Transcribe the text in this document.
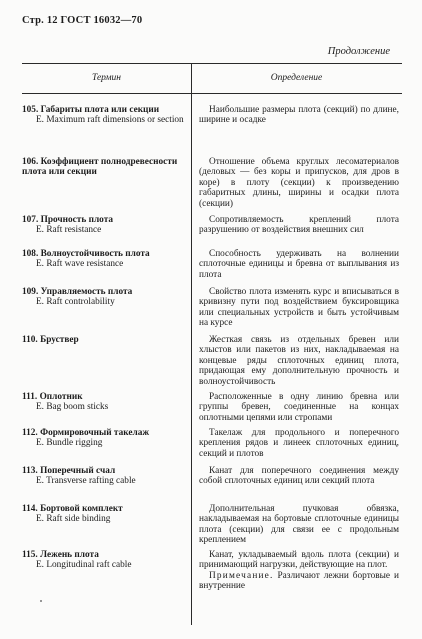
Стр. 12 ГОСТ 16032—70
Продолжение
Термин	Определение
105. Габариты плота или секции
E. Maximum raft dimensions or section
Наибольшие размеры плота (секций) по длине, ширине и осадке
106. Коэффициент полнодревесности плота или секции
Отношение объема круглых лесоматериалов (деловых — без коры и припусков, для дров в коре) в плоту (секции) к произведению габаритных длины, ширины и осадки плота (секции)
107. Прочность плота
E. Raft resistance
Сопротивляемость креплений плота разрушению от воздействия внешних сил
108. Волноустойчивость плота
E. Raft wave resistance
Способность удерживать на волнении сплоточные единицы и бревна от выплывания из плота
109. Управляемость плота
E. Raft controlability
Свойство плота изменять курс и вписываться в кривизну пути под воздействием буксировщика или специальных устройств и быть устойчивым на курсе
110. Бруствер	Жесткая связь из отдельных бревен или хлыстов или пакетов из них, накладываемая на концевые ряды сплоточных единиц плота, придающая ему дополнительную прочность и волноустойчивость
111. Оплотник
E. Bag boom sticks
Расположенные в одну линию бревна или группы бревен, соединенные на концах оплотными цепями или стропами
112. Формировочный такелаж
E. Bundle rigging
Такелаж для продольного и поперечного крепления рядов и линеек сплоточных единиц, секций и плотов
113. Поперечный счал
E. Transverse rafting cable
Канат для поперечного соединения между собой сплоточных единиц или секций плота
114. Бортовой комплект
E. Raft side binding
Дополнительная пучковая обвязка, накладываемая на бортовые сплоточные единицы плота (секции) для связи ее с продольным креплением
115. Лежень плота
E. Longitudinal raft cable

Канат, укладываемый вдоль плота (секции) и принимающий нагрузки, действующие на плот.

Примечание. Различают лежни бортовые и внутренние
